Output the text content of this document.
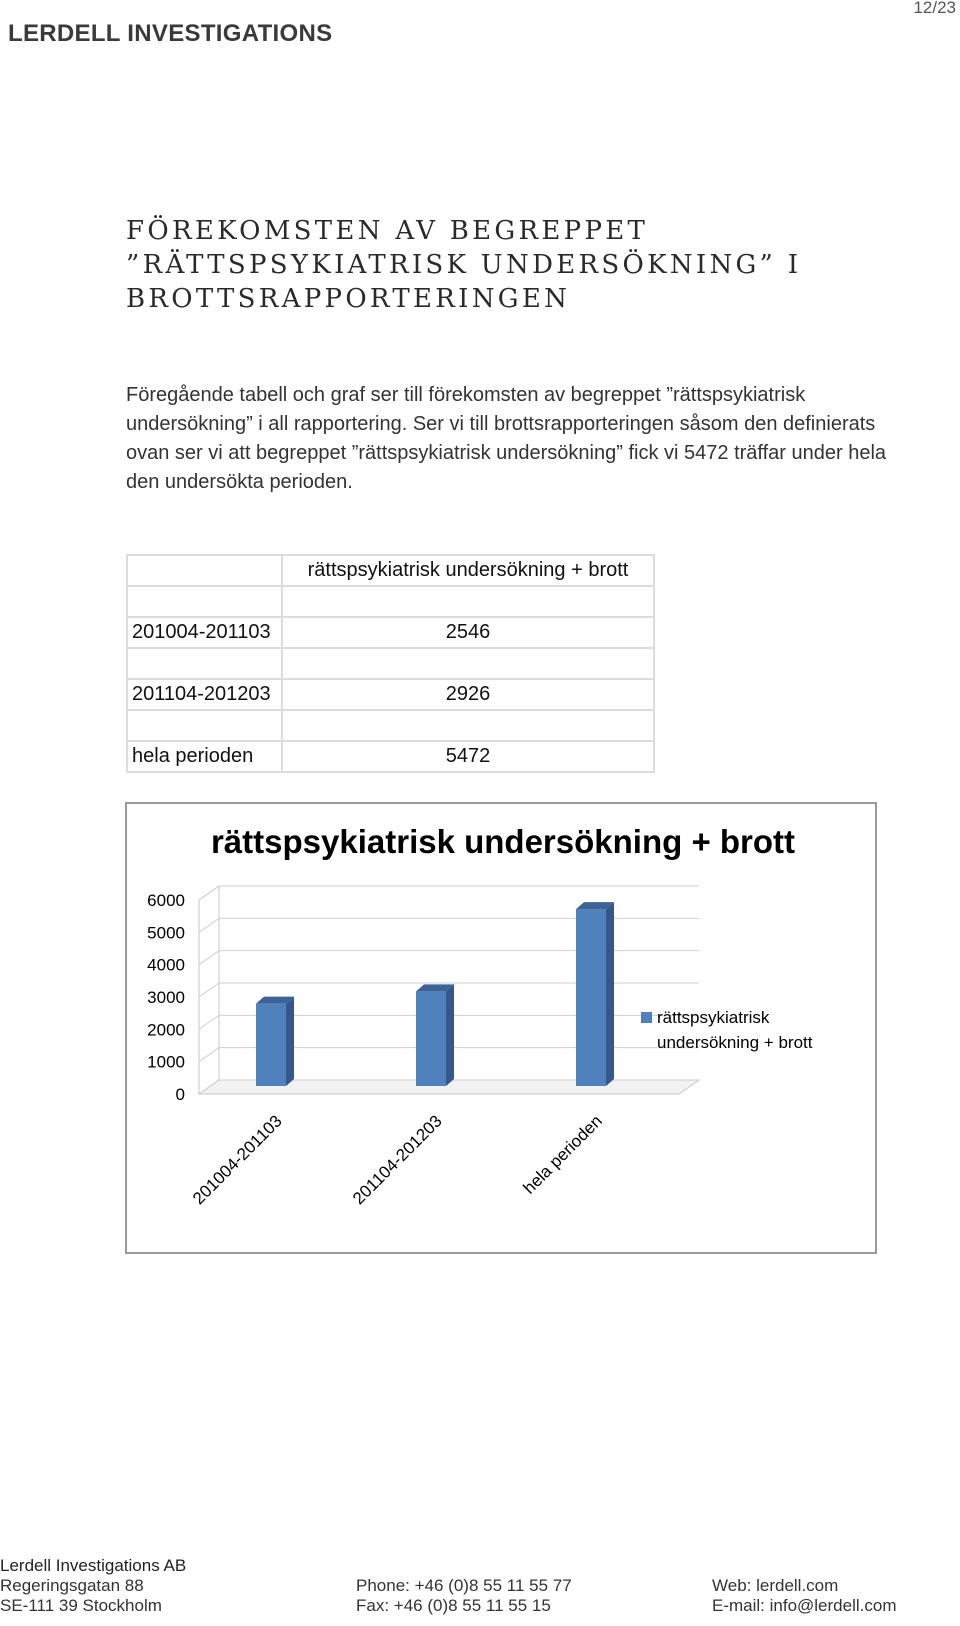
LERDELL INVESTIGATIONS
12/23
FÖREKOMSTEN AV BEGREPPET
”RÄTTSPSYKIATRISK UNDERSÖKNING” I
BROTTSRAPPORTERINGEN
Föregående tabell och graf ser till förekomsten av begreppet ”rättspsykiatrisk
undersökning” i all rapportering. Ser vi till brottsrapporteringen såsom den definierats
ovan ser vi att begreppet ”rättspsykiatrisk undersökning” fick vi 5472 träffar under hela
den undersökta perioden.
	rättspsykiatrisk undersökning + brott

201004-201103	2546

201104-201203	2926

hela perioden	5472
rättspsykiatrisk undersökning + brott
0
1000
2000
3000
4000
5000
6000
201004-201103	201104-201203	hela perioden
rättspsykiatrisk
undersökning + brott
Lerdell Investigations AB
Regeringsgatan 88
SE-111 39 Stockholm
Phone: +46 (0)8 55 11 55 77
Fax: +46 (0)8 55 11 55 15
Web: lerdell.com
E-mail: info@lerdell.com
